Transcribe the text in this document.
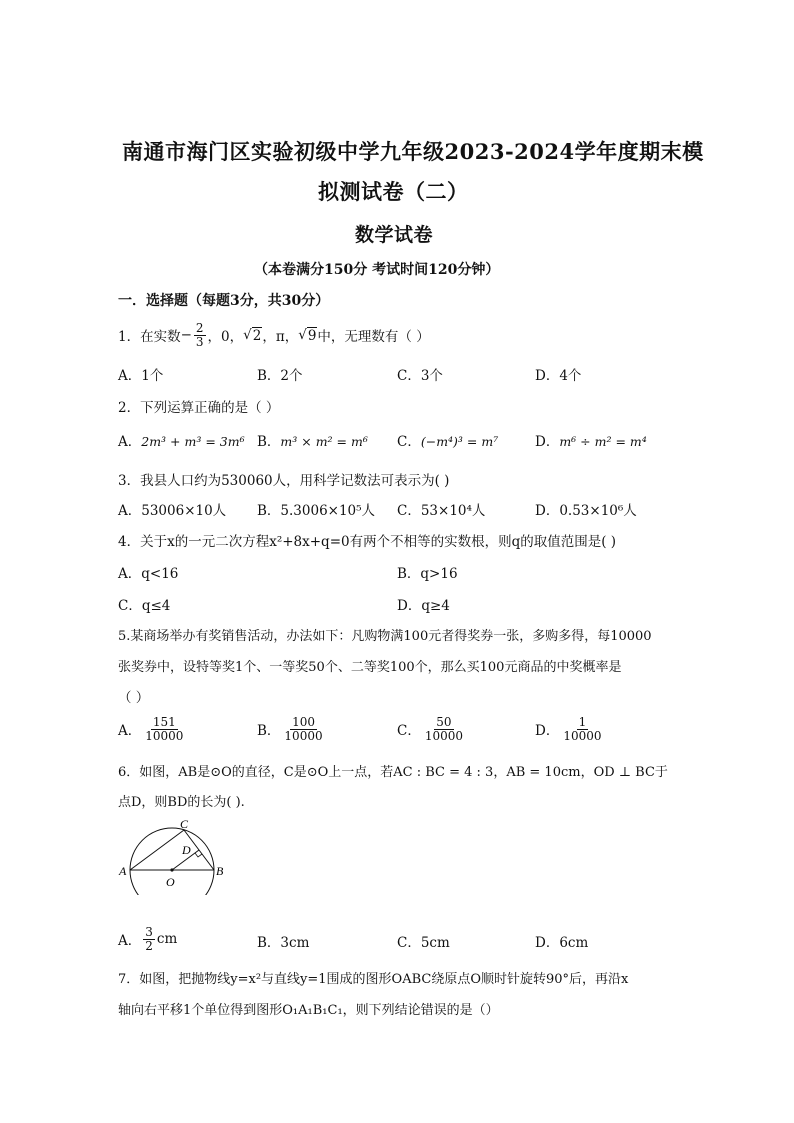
南通市海门区实验初级中学九年级2023-2024学年度期末模
拟测试卷（二）
数学试卷
（本卷满分150分 考试时间120分钟）
一．选择题（每题3分，共30分）
1．在实数 − $\frac{2}{3}$ ，0， √ 2 ，π， √ 9 中，无理数有（ ）
A．1个	B．2个	C．3个	D．4个
2．下列运算正确的是（ ）
A．2m³ + m³ = 3m⁶ B．m³ × m² = m⁶ C．(−m⁴)³ = m⁷	D．m⁶ ÷ m² = m⁴
3．我县人口约为530060人，用科学记数法可表示为( )
A．53006×10人 B．5.3006×10⁵人 C．53×10⁴人	D．0.53×10⁶人
4．关于x的一元二次方程x²+8x+q=0有两个不相等的实数根，则q的取值范围是( )
A．q<16	B．q>16
C．q≤4	D．q≥4
5.某商场举办有奖销售活动，办法如下：凡购物满100元者得奖券一张，多购多得，每10000
张奖券中，设特等奖1个、一等奖50个、二等奖100个，那么买100元商品的中奖概率是
（ ）
A． $\frac{151}{10000}$	B． $\frac{100}{10000}$	C． $\frac{50}{10000}$	D． $\frac{1}{10000}$
6．如图，AB是⊙O的直径，C是⊙O上一点，若AC : BC = 4 : 3，AB = 10cm，OD ⊥ BC于
点D，则BD的长为( ).
C
D
A	B
O
A． $\frac{3}{2}$ cm	B．3cm	C．5cm	D．6cm
7．如图，把抛物线y=x²与直线y=1围成的图形OABC绕原点O顺时针旋转90°后，再沿x
轴向右平移1个单位得到图形O₁A₁B₁C₁，则下列结论错误的是（）
